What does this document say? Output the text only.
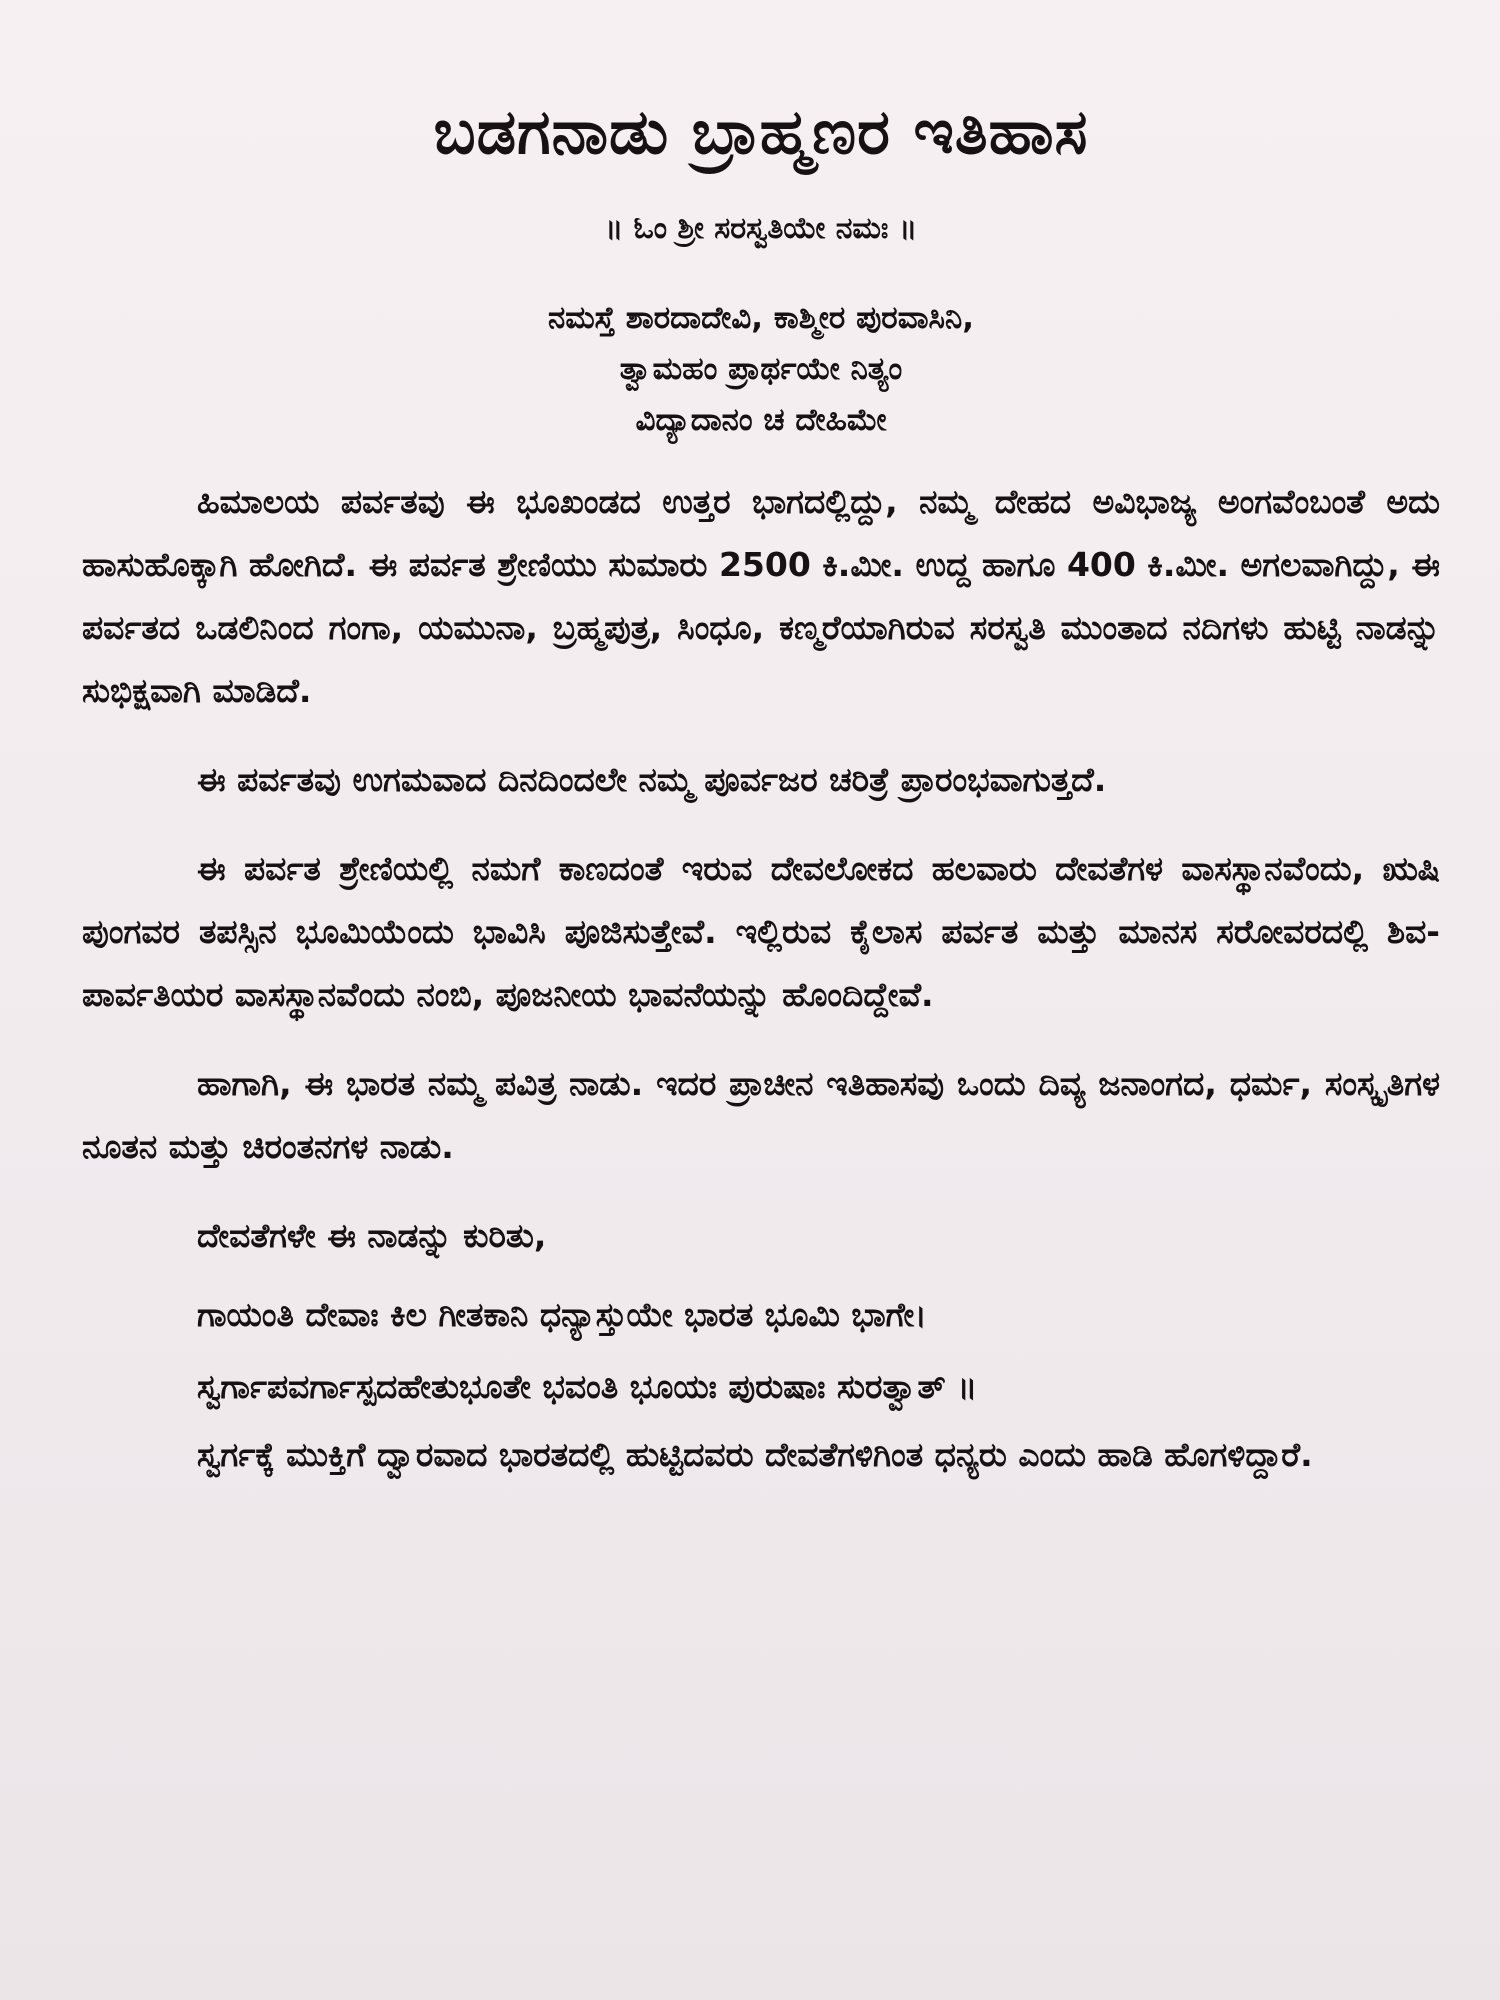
ಬಡಗನಾಡು ಬ್ರಾಹ್ಮಣರ ಇತಿಹಾಸ
॥ ಓಂ ಶ್ರೀ ಸರಸ್ವತಿಯೇ ನಮಃ ॥
ನಮಸ್ತೆ ಶಾರದಾದೇವಿ, ಕಾಶ್ಮೀರ ಪುರವಾಸಿನಿ,
ತ್ವಾಮಹಂ ಪ್ರಾರ್ಥಯೇ ನಿತ್ಯಂ
ವಿದ್ಯಾದಾನಂ ಚ ದೇಹಿಮೇ

ಹಿಮಾಲಯ ಪರ್ವತವು ಈ ಭೂಖಂಡದ ಉತ್ತರ ಭಾಗದಲ್ಲಿದ್ದು, ನಮ್ಮ ದೇಹದ ಅವಿಭಾಜ್ಯ ಅಂಗವೆಂಬಂತೆ ಅದು ಹಾಸುಹೊಕ್ಕಾಗಿ ಹೋಗಿದೆ. ಈ ಪರ್ವತ ಶ್ರೇಣಿಯು ಸುಮಾರು 2500 ಕಿ.ಮೀ. ಉದ್ದ ಹಾಗೂ 400 ಕಿ.ಮೀ. ಅಗಲವಾಗಿದ್ದು, ಈ ಪರ್ವತದ ಒಡಲಿನಿಂದ ಗಂಗಾ, ಯಮುನಾ, ಬ್ರಹ್ಮಪುತ್ರ, ಸಿಂಧೂ, ಕಣ್ಮರೆಯಾಗಿರುವ ಸರಸ್ವತಿ ಮುಂತಾದ ನದಿಗಳು ಹುಟ್ಟಿ ನಾಡನ್ನು ಸುಭಿಕ್ಷವಾಗಿ ಮಾಡಿದೆ.

ಈ ಪರ್ವತವು ಉಗಮವಾದ ದಿನದಿಂದಲೇ ನಮ್ಮ ಪೂರ್ವಜರ ಚರಿತ್ರೆ ಪ್ರಾರಂಭವಾಗುತ್ತದೆ.

ಈ ಪರ್ವತ ಶ್ರೇಣಿಯಲ್ಲಿ ನಮಗೆ ಕಾಣದಂತೆ ಇರುವ ದೇವಲೋಕದ ಹಲವಾರು ದೇವತೆಗಳ ವಾಸಸ್ಥಾನವೆಂದು, ಋಷಿ ಪುಂಗವರ ತಪಸ್ಸಿನ ಭೂಮಿಯೆಂದು ಭಾವಿಸಿ ಪೂಜಿಸುತ್ತೇವೆ. ಇಲ್ಲಿರುವ ಕೈಲಾಸ ಪರ್ವತ ಮತ್ತು ಮಾನಸ ಸರೋವರದಲ್ಲಿ ಶಿವ-ಪಾರ್ವತಿಯರ ವಾಸಸ್ಥಾನವೆಂದು ನಂಬಿ, ಪೂಜನೀಯ ಭಾವನೆಯನ್ನು ಹೊಂದಿದ್ದೇವೆ.

ಹಾಗಾಗಿ, ಈ ಭಾರತ ನಮ್ಮ ಪವಿತ್ರ ನಾಡು. ಇದರ ಪ್ರಾಚೀನ ಇತಿಹಾಸವು ಒಂದು ದಿವ್ಯ ಜನಾಂಗದ, ಧರ್ಮ, ಸಂಸ್ಕೃತಿಗಳ ನೂತನ ಮತ್ತು ಚಿರಂತನಗಳ ನಾಡು.

ದೇವತೆಗಳೇ ಈ ನಾಡನ್ನು ಕುರಿತು,
ಗಾಯಂತಿ ದೇವಾಃ ಕಿಲ ಗೀತಕಾನಿ ಧನ್ಯಾಸ್ತುಯೇ ಭಾರತ ಭೂಮಿ ಭಾಗೇ।
ಸ್ವರ್ಗಾಪವರ್ಗಾಸ್ಪದಹೇತುಭೂತೇ ಭವಂತಿ ಭೂಯಃ ಪುರುಷಾಃ ಸುರತ್ವಾತ್ ॥

ಸ್ವರ್ಗಕ್ಕೆ ಮುಕ್ತಿಗೆ ದ್ವಾರವಾದ ಭಾರತದಲ್ಲಿ ಹುಟ್ಟಿದವರು ದೇವತೆಗಳಿಗಿಂತ ಧನ್ಯರು ಎಂದು ಹಾಡಿ ಹೊಗಳಿದ್ದಾರೆ.
